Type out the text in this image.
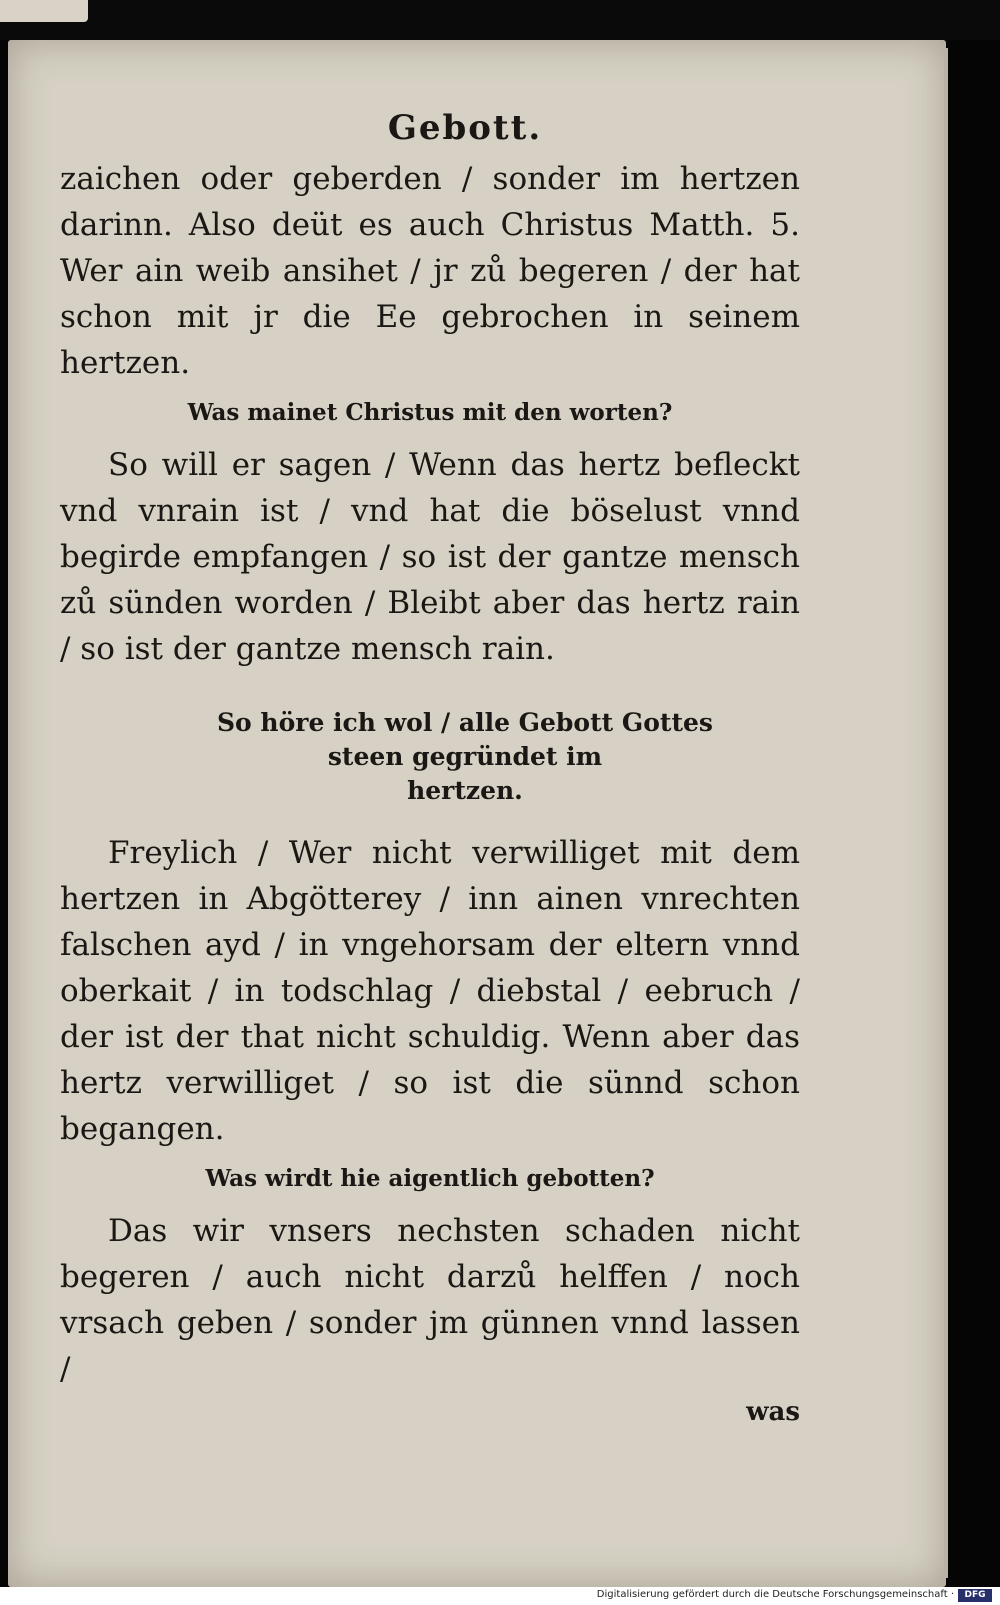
Gebott.

zaichen oder geberden / sonder im hertzen darinn. Also deüt es auch Christus Matth. 5. Wer ain weib ansihet / jr zů begeren / der hat schon mit jr die Ee gebrochen in seinem hertzen.

Was mainet Christus mit den worten?

So will er sagen / Wenn das hertz befleckt vnd vnrain ist / vnd hat die böselust vnnd begirde empfangen / so ist der gantze mensch zů sünden worden / Bleibt aber das hertz rain / so ist der gantze mensch rain.

So höre ich wol / alle Gebott Gottes
steen gegründet im
hertzen.

Freylich / Wer nicht verwilliget mit dem hertzen in Abgötterey / inn ainen vnrechten falschen ayd / in vngehorsam der eltern vnnd oberkait / in todschlag / diebstal / eebruch / der ist der that nicht schuldig. Wenn aber das hertz verwilliget / so ist die sünnd schon begangen.

Was wirdt hie aigentlich gebotten?

Das wir vnsers nechsten schaden nicht begeren / auch nicht darzů helffen / noch vrsach geben / sonder jm günnen vnnd lassen /

was

Digitalisierung gefördert durch die Deutsche Forschungsgemeinschaft ·	DFG
